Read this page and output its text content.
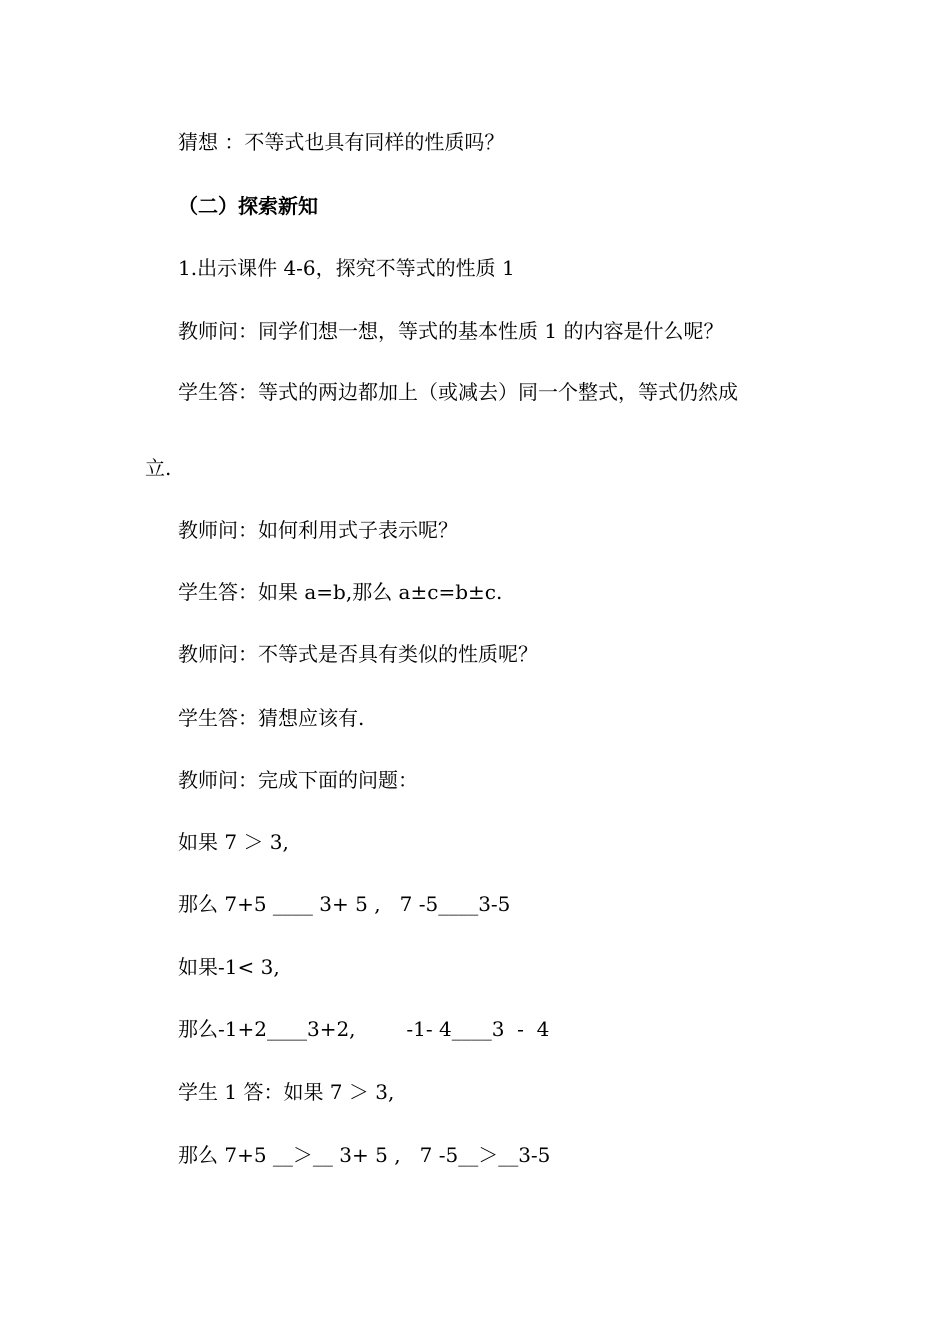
猜想 ：不等式也具有同样的性质吗？
（二）探索新知
1.出示课件 4-6，探究不等式的性质 1
教师问：同学们想一想，等式的基本性质 1 的内容是什么呢？
学生答：等式的两边都加上（或减去）同一个整式，等式仍然成
立.
教师问：如何利用式子表示呢？
学生答：如果 a=b,那么 a±c=b±c.
教师问：不等式是否具有类似的性质呢？
学生答：猜想应该有.
教师问：完成下面的问题：
如果 7 ＞ 3,
那么 7+5 ____ 3+ 5 ,   7 -5____3-5
如果-1< 3,
那么-1+2____3+2,        -1- 4____3  -  4
学生 1 答：如果 7 ＞ 3,
那么 7+5 __＞__ 3+ 5 ,   7 -5__＞__3-5
